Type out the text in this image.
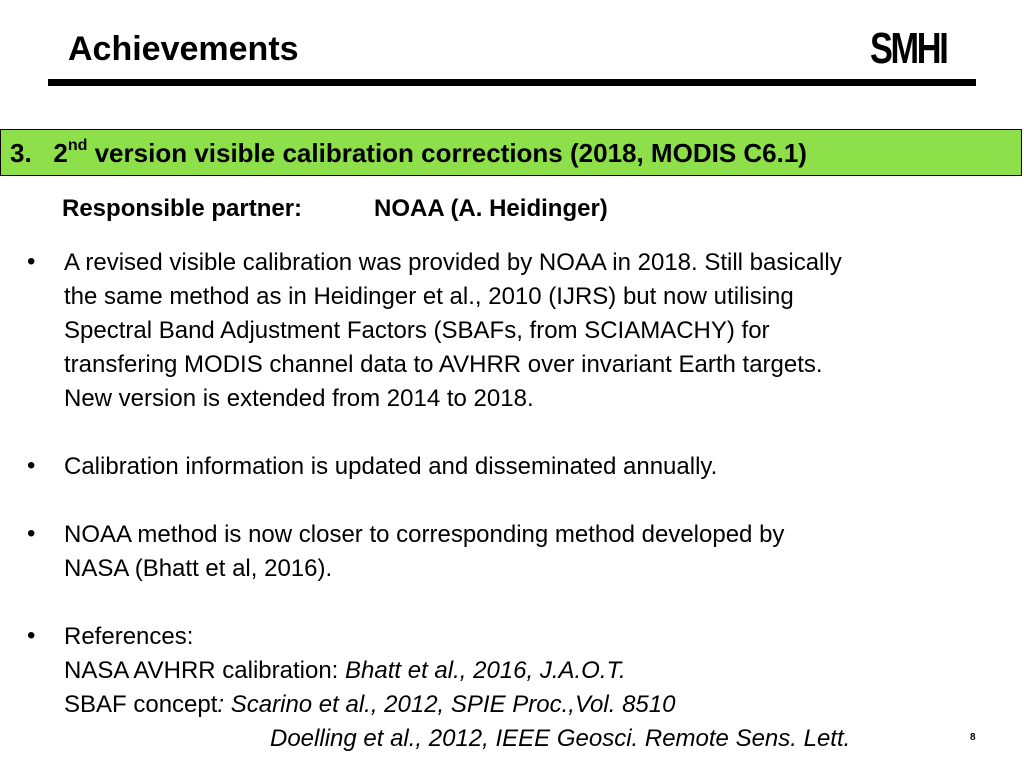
Achievements	SMHI
3. 2nd version visible calibration corrections (2018, MODIS C6.1)
Responsible partner:	NOAA (A. Heidinger)
• A revised visible calibration was provided by NOAA in 2018. Still basically
the same method as in Heidinger et al., 2010 (IJRS) but now utilising
Spectral Band Adjustment Factors (SBAFs, from SCIAMACHY) for
transfering MODIS channel data to AVHRR over invariant Earth targets.
New version is extended from 2014 to 2018.
• Calibration information is updated and disseminated annually.
• NOAA method is now closer to corresponding method developed by
NASA (Bhatt et al, 2016).
• References:
NASA AVHRR calibration: Bhatt et al., 2016, J.A.O.T.
SBAF concept: Scarino et al., 2012, SPIE Proc.,Vol. 8510
Doelling et al., 2012, IEEE Geosci. Remote Sens. Lett.	8
